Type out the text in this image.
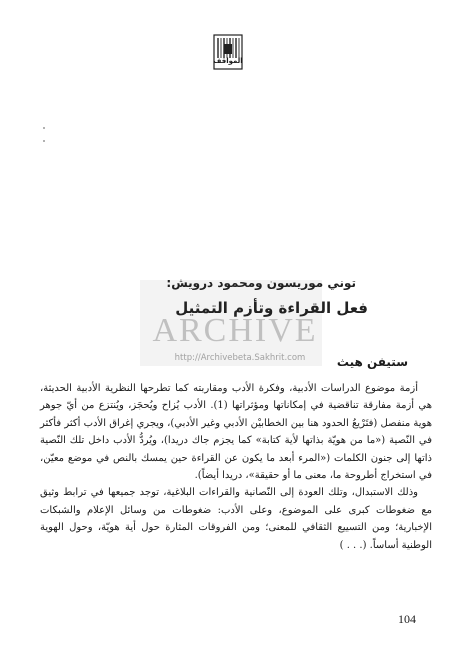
المواقف
توني موريسون ومحمود درويش:
فعل القراءة وتأزم التمثيل
ARCHIVE
http://Archivebeta.Sakhrit.com	ستيفن هيث

أزمة موضوع الدراسات الأدبية، وفكرة الأدب ومقاربته كما تطرحها النظرية الأدبية الحديثة، هي أزمة مفارقة تناقضية في إمكاناتها ومؤثراتها (1). الأدب يُزاح ويُحجَز، ويُنتزع من أيّ جوهر هوية منفصل (فتَرْيعُ الحدود هنا بين الخطابيْن الأدبي وغير الأدبي)، ويجري إغراق الأدب أكثر فأكثر في النّصية («ما من هويّة بذاتها لأية كتابة» كما يجزم جاك دريدا)، ويُردُّ الأدب داخل تلك النّصية ذاتها إلى جنون الكلمات («المرء أبعد ما يكون عن القراءة حين يمسك بالنص في موضع معيّن، في استخراج أطروحة ما، معنى ما أو حقيقة»، دريدا أيضاً).

وذلك الاستبدال، وتلك العودة إلى النّصانية والقراءات البلاغية، توجد جميعها في ترابط وثيق مع ضغوطات كبرى على الموضوع، وعلى الأدب: ضغوطات من وسائل الإعلام والشبكات الإخبارية؛ ومن التسييع الثقافي للمعنى؛ ومن الفروقات المثارة حول أية هويّة، وحول الهوية الوطنية أساساً. (. . . )

104
